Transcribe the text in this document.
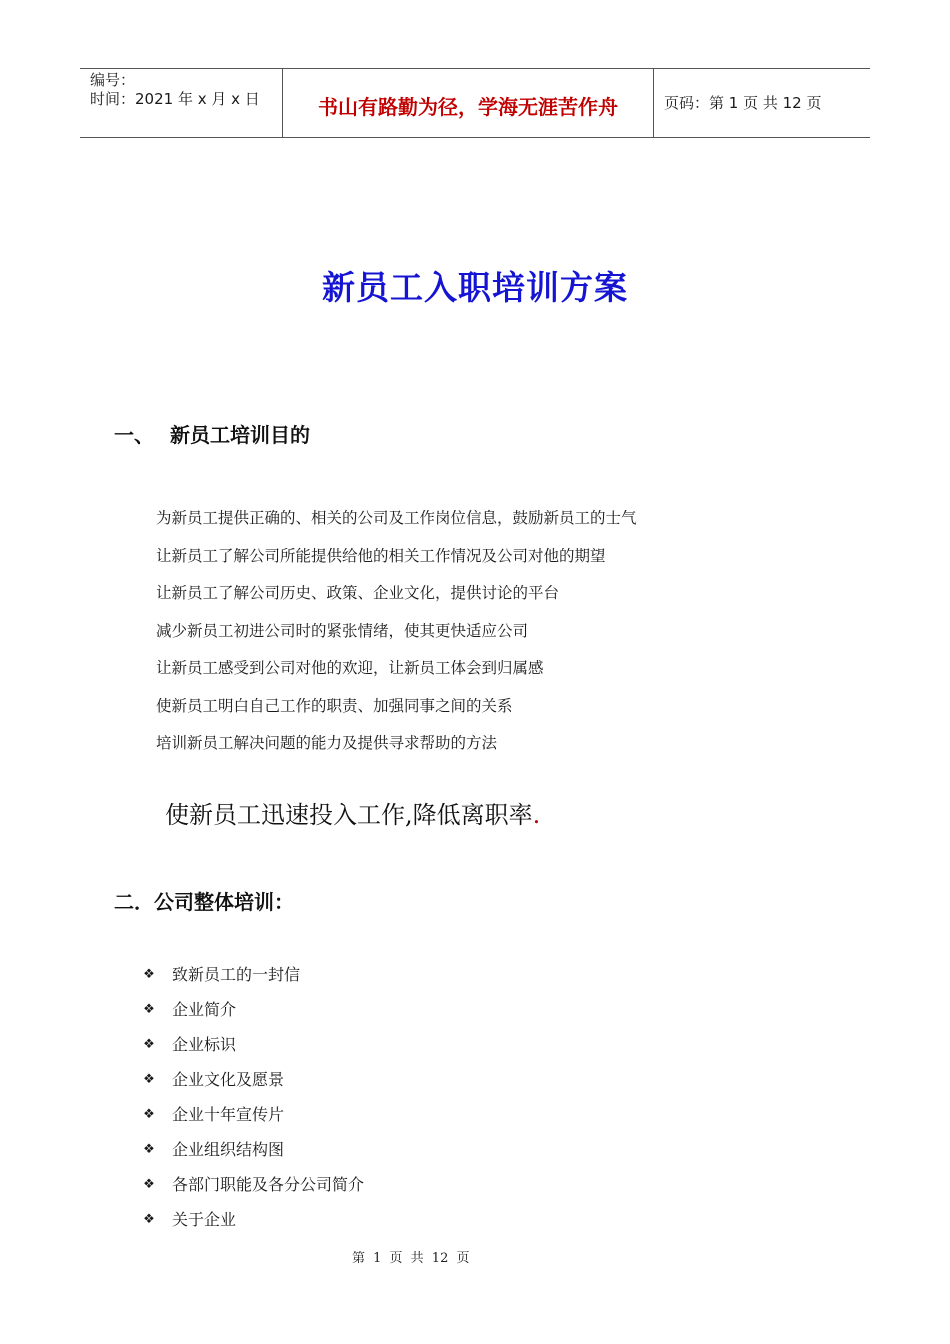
编号：
时间：2021 年 x 月 x 日	书山有路勤为径，学海无涯苦作舟	页码：第 1 页 共 12 页
新员工入职培训方案
一、 新员工培训目的
为新员工提供正确的、相关的公司及工作岗位信息，鼓励新员工的士气
让新员工了解公司所能提供给他的相关工作情况及公司对他的期望
让新员工了解公司历史、政策、企业文化，提供讨论的平台
减少新员工初进公司时的紧张情绪，使其更快适应公司
让新员工感受到公司对他的欢迎，让新员工体会到归属感
使新员工明白自己工作的职责、加强同事之间的关系
培训新员工解决问题的能力及提供寻求帮助的方法
使新员工迅速投入工作,降低离职率.
二．公司整体培训：
❖ 致新员工的一封信
❖ 企业简介
❖ 企业标识
❖ 企业文化及愿景
❖ 企业十年宣传片
❖ 企业组织结构图
❖ 各部门职能及各分公司简介
❖ 关于企业
第 1 页 共 12 页
